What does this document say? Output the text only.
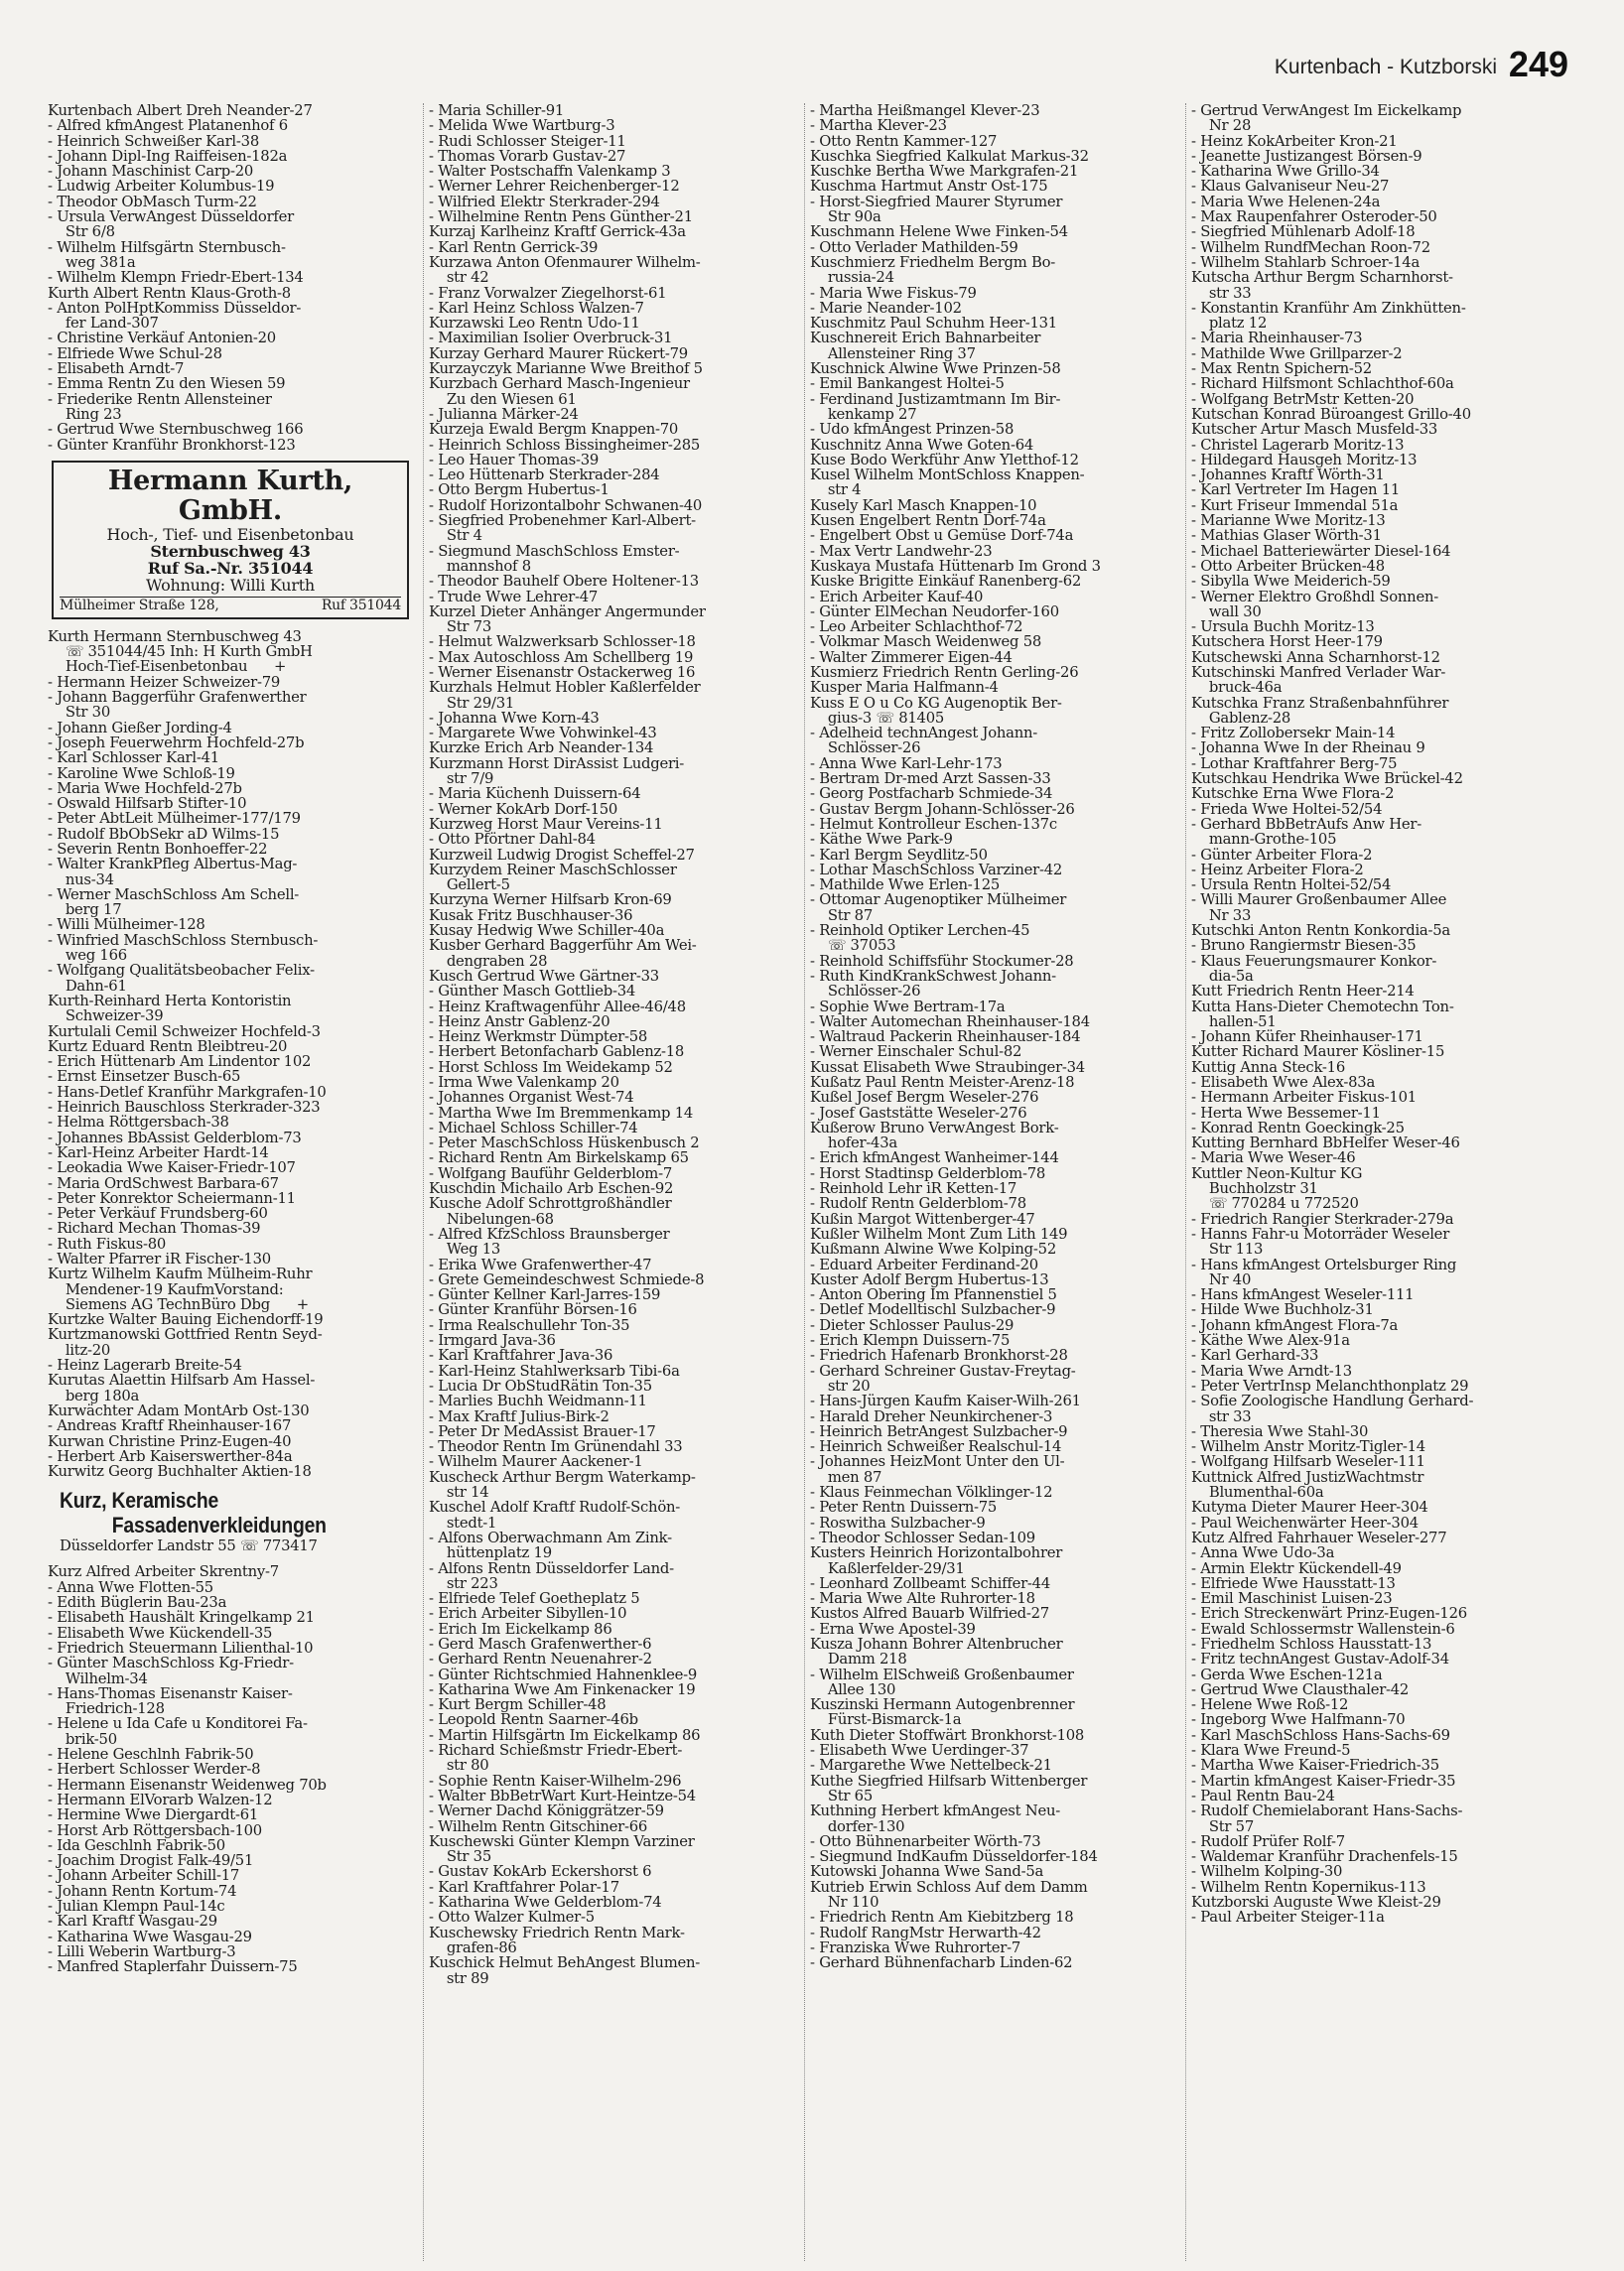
Kurtenbach - Kutzborski 249
Kurtenbach Albert Dreh Neander-27
- Alfred kfmAngest Platanenhof 6
- Heinrich Schweißer Karl-38
- Johann Dipl-Ing Raiffeisen-182a
- Johann Maschinist Carp-20
- Ludwig Arbeiter Kolumbus-19
- Theodor ObMasch Turm-22
- Ursula VerwAngest Düsseldorfer
Str 6/8
- Wilhelm Hilfsgärtn Sternbusch-
weg 381a
- Wilhelm Klempn Friedr-Ebert-134
Kurth Albert Rentn Klaus-Groth-8
- Anton PolHptKommiss Düsseldor-
fer Land-307
- Christine Verkäuf Antonien-20
- Elfriede Wwe Schul-28
- Elisabeth Arndt-7
- Emma Rentn Zu den Wiesen 59
- Friederike Rentn Allensteiner
Ring 23
- Gertrud Wwe Sternbuschweg 166
- Günter Kranführ Bronkhorst-123
Hermann Kurth, GmbH.
Hoch-, Tief- und Eisenbetonbau
Sternbuschweg 43
Ruf Sa.-Nr. 351044
Wohnung: Willi Kurth
Mülheimer Straße 128,	Ruf 351044
Kurth Hermann Sternbuschweg 43
☏ 351044/45 Inh: H Kurth GmbH
Hoch-Tief-Eisenbetonbau      +
- Hermann Heizer Schweizer-79
- Johann Baggerführ Grafenwerther
Str 30
- Johann Gießer Jording-4
- Joseph Feuerwehrm Hochfeld-27b
- Karl Schlosser Karl-41
- Karoline Wwe Schloß-19
- Maria Wwe Hochfeld-27b
- Oswald Hilfsarb Stifter-10
- Peter AbtLeit Mülheimer-177/179
- Rudolf BbObSekr aD Wilms-15
- Severin Rentn Bonhoeffer-22
- Walter KrankPfleg Albertus-Mag-
nus-34
- Werner MaschSchloss Am Schell-
berg 17
- Willi Mülheimer-128
- Winfried MaschSchloss Sternbusch-
weg 166
- Wolfgang Qualitätsbeobacher Felix-
Dahn-61
Kurth-Reinhard Herta Kontoristin
Schweizer-39
Kurtulali Cemil Schweizer Hochfeld-3
Kurtz Eduard Rentn Bleibtreu-20
- Erich Hüttenarb Am Lindentor 102
- Ernst Einsetzer Busch-65
- Hans-Detlef Kranführ Markgrafen-10
- Heinrich Bauschloss Sterkrader-323
- Helma Röttgersbach-38
- Johannes BbAssist Gelderblom-73
- Karl-Heinz Arbeiter Hardt-14
- Leokadia Wwe Kaiser-Friedr-107
- Maria OrdSchwest Barbara-67
- Peter Konrektor Scheiermann-11
- Peter Verkäuf Frundsberg-60
- Richard Mechan Thomas-39
- Ruth Fiskus-80
- Walter Pfarrer iR Fischer-130
Kurtz Wilhelm Kaufm Mülheim-Ruhr
Mendener-19 KaufmVorstand:
Siemens AG TechnBüro Dbg      +
Kurtzke Walter Bauing Eichendorff-19
Kurtzmanowski Gottfried Rentn Seyd-
litz-20
- Heinz Lagerarb Breite-54
Kurutas Alaettin Hilfsarb Am Hassel-
berg 180a
Kurwächter Adam MontArb Ost-130
- Andreas Kraftf Rheinhauser-167
Kurwan Christine Prinz-Eugen-40
- Herbert Arb Kaiserswerther-84a
Kurwitz Georg Buchhalter Aktien-18
Kurz, Keramische
Fassadenverkleidungen
Düsseldorfer Landstr 55 ☏ 773417
Kurz Alfred Arbeiter Skrentny-7
- Anna Wwe Flotten-55
- Edith Büglerin Bau-23a
- Elisabeth Haushält Kringelkamp 21
- Elisabeth Wwe Kückendell-35
- Friedrich Steuermann Lilienthal-10
- Günter MaschSchloss Kg-Friedr-
Wilhelm-34
- Hans-Thomas Eisenanstr Kaiser-
Friedrich-128
- Helene u Ida Cafe u Konditorei Fa-
brik-50
- Helene Geschlnh Fabrik-50
- Herbert Schlosser Werder-8
- Hermann Eisenanstr Weidenweg 70b
- Hermann ElVorarb Walzen-12
- Hermine Wwe Diergardt-61
- Horst Arb Röttgersbach-100
- Ida Geschlnh Fabrik-50
- Joachim Drogist Falk-49/51
- Johann Arbeiter Schill-17
- Johann Rentn Kortum-74
- Julian Klempn Paul-14c
- Karl Kraftf Wasgau-29
- Katharina Wwe Wasgau-29
- Lilli Weberin Wartburg-3
- Manfred Staplerfahr Duissern-75
- Maria Schiller-91
- Melida Wwe Wartburg-3
- Rudi Schlosser Steiger-11
- Thomas Vorarb Gustav-27
- Walter Postschaffn Valenkamp 3
- Werner Lehrer Reichenberger-12
- Wilfried Elektr Sterkrader-294
- Wilhelmine Rentn Pens Günther-21
Kurzaj Karlheinz Kraftf Gerrick-43a
- Karl Rentn Gerrick-39
Kurzawa Anton Ofenmaurer Wilhelm-
str 42
- Franz Vorwalzer Ziegelhorst-61
- Karl Heinz Schloss Walzen-7
Kurzawski Leo Rentn Udo-11
- Maximilian Isolier Overbruck-31
Kurzay Gerhard Maurer Rückert-79
Kurzayczyk Marianne Wwe Breithof 5
Kurzbach Gerhard Masch-Ingenieur
Zu den Wiesen 61
- Julianna Märker-24
Kurzeja Ewald Bergm Knappen-70
- Heinrich Schloss Bissingheimer-285
- Leo Hauer Thomas-39
- Leo Hüttenarb Sterkrader-284
- Otto Bergm Hubertus-1
- Rudolf Horizontalbohr Schwanen-40
- Siegfried Probenehmer Karl-Albert-
Str 4
- Siegmund MaschSchloss Emster-
mannshof 8
- Theodor Bauhelf Obere Holtener-13
- Trude Wwe Lehrer-47
Kurzel Dieter Anhänger Angermunder
Str 73
- Helmut Walzwerksarb Schlosser-18
- Max Autoschloss Am Schellberg 19
- Werner Eisenanstr Ostackerweg 16
Kurzhals Helmut Hobler Kaßlerfelder
Str 29/31
- Johanna Wwe Korn-43
- Margarete Wwe Vohwinkel-43
Kurzke Erich Arb Neander-134
Kurzmann Horst DirAssist Ludgeri-
str 7/9
- Maria Küchenh Duissern-64
- Werner KokArb Dorf-150
Kurzweg Horst Maur Vereins-11
- Otto Pförtner Dahl-84
Kurzweil Ludwig Drogist Scheffel-27
Kurzydem Reiner MaschSchlosser
Gellert-5
Kurzyna Werner Hilfsarb Kron-69
Kusak Fritz Buschhauser-36
Kusay Hedwig Wwe Schiller-40a
Kusber Gerhard Baggerführ Am Wei-
dengraben 28
Kusch Gertrud Wwe Gärtner-33
- Günther Masch Gottlieb-34
- Heinz Kraftwagenführ Allee-46/48
- Heinz Anstr Gablenz-20
- Heinz Werkmstr Dümpter-58
- Herbert Betonfacharb Gablenz-18
- Horst Schloss Im Weidekamp 52
- Irma Wwe Valenkamp 20
- Johannes Organist West-74
- Martha Wwe Im Bremmenkamp 14
- Michael Schloss Schiller-74
- Peter MaschSchloss Hüskenbusch 2
- Richard Rentn Am Birkelskamp 65
- Wolfgang Bauführ Gelderblom-7
Kuschdin Michailo Arb Eschen-92
Kusche Adolf Schrottgroßhändler
Nibelungen-68
- Alfred KfzSchloss Braunsberger
Weg 13
- Erika Wwe Grafenwerther-47
- Grete Gemeindeschwest Schmiede-8
- Günter Kellner Karl-Jarres-159
- Günter Kranführ Börsen-16
- Irma Realschullehr Ton-35
- Irmgard Java-36
- Karl Kraftfahrer Java-36
- Karl-Heinz Stahlwerksarb Tibi-6a
- Lucia Dr ObStudRätin Ton-35
- Marlies Buchh Weidmann-11
- Max Kraftf Julius-Birk-2
- Peter Dr MedAssist Brauer-17
- Theodor Rentn Im Grünendahl 33
- Wilhelm Maurer Aackener-1
Kuscheck Arthur Bergm Waterkamp-
str 14
Kuschel Adolf Kraftf Rudolf-Schön-
stedt-1
- Alfons Oberwachmann Am Zink-
hüttenplatz 19
- Alfons Rentn Düsseldorfer Land-
str 223
- Elfriede Telef Goetheplatz 5
- Erich Arbeiter Sibyllen-10
- Erich Im Eickelkamp 86
- Gerd Masch Grafenwerther-6
- Gerhard Rentn Neuenahrer-2
- Günter Richtschmied Hahnenklee-9
- Katharina Wwe Am Finkenacker 19
- Kurt Bergm Schiller-48
- Leopold Rentn Saarner-46b
- Martin Hilfsgärtn Im Eickelkamp 86
- Richard Schießmstr Friedr-Ebert-
str 80
- Sophie Rentn Kaiser-Wilhelm-296
- Walter BbBetrWart Kurt-Heintze-54
- Werner Dachd Königgrätzer-59
- Wilhelm Rentn Gitschiner-66
Kuschewski Günter Klempn Varziner
Str 35
- Gustav KokArb Eckershorst 6
- Karl Kraftfahrer Polar-17
- Katharina Wwe Gelderblom-74
- Otto Walzer Kulmer-5
Kuschewsky Friedrich Rentn Mark-
grafen-86
Kuschick Helmut BehAngest Blumen-
str 89
- Martha Heißmangel Klever-23
- Martha Klever-23
- Otto Rentn Kammer-127
Kuschka Siegfried Kalkulat Markus-32
Kuschke Bertha Wwe Markgrafen-21
Kuschma Hartmut Anstr Ost-175
- Horst-Siegfried Maurer Styrumer
Str 90a
Kuschmann Helene Wwe Finken-54
- Otto Verlader Mathilden-59
Kuschmierz Friedhelm Bergm Bo-
russia-24
- Maria Wwe Fiskus-79
- Marie Neander-102
Kuschmitz Paul Schuhm Heer-131
Kuschnereit Erich Bahnarbeiter
Allensteiner Ring 37
Kuschnick Alwine Wwe Prinzen-58
- Emil Bankangest Holtei-5
- Ferdinand Justizamtmann Im Bir-
kenkamp 27
- Udo kfmAngest Prinzen-58
Kuschnitz Anna Wwe Goten-64
Kuse Bodo Werkführ Anw Yletthof-12
Kusel Wilhelm MontSchloss Knappen-
str 4
Kusely Karl Masch Knappen-10
Kusen Engelbert Rentn Dorf-74a
- Engelbert Obst u Gemüse Dorf-74a
- Max Vertr Landwehr-23
Kuskaya Mustafa Hüttenarb Im Grond 3
Kuske Brigitte Einkäuf Ranenberg-62
- Erich Arbeiter Kauf-40
- Günter ElMechan Neudorfer-160
- Leo Arbeiter Schlachthof-72
- Volkmar Masch Weidenweg 58
- Walter Zimmerer Eigen-44
Kusmierz Friedrich Rentn Gerling-26
Kusper Maria Halfmann-4
Kuss E O u Co KG Augenoptik Ber-
gius-3 ☏ 81405
- Adelheid technAngest Johann-
Schlösser-26
- Anna Wwe Karl-Lehr-173
- Bertram Dr-med Arzt Sassen-33
- Georg Postfacharb Schmiede-34
- Gustav Bergm Johann-Schlösser-26
- Helmut Kontrolleur Eschen-137c
- Käthe Wwe Park-9
- Karl Bergm Seydlitz-50
- Lothar MaschSchloss Varziner-42
- Mathilde Wwe Erlen-125
- Ottomar Augenoptiker Mülheimer
Str 87
- Reinhold Optiker Lerchen-45
☏ 37053
- Reinhold Schiffsführ Stockumer-28
- Ruth KindKrankSchwest Johann-
Schlösser-26
- Sophie Wwe Bertram-17a
- Walter Automechan Rheinhauser-184
- Waltraud Packerin Rheinhauser-184
- Werner Einschaler Schul-82
Kussat Elisabeth Wwe Straubinger-34
Kußatz Paul Rentn Meister-Arenz-18
Kußel Josef Bergm Weseler-276
- Josef Gaststätte Weseler-276
Kußerow Bruno VerwAngest Bork-
hofer-43a
- Erich kfmAngest Wanheimer-144
- Horst Stadtinsp Gelderblom-78
- Reinhold Lehr iR Ketten-17
- Rudolf Rentn Gelderblom-78
Kußin Margot Wittenberger-47
Kußler Wilhelm Mont Zum Lith 149
Kußmann Alwine Wwe Kolping-52
- Eduard Arbeiter Ferdinand-20
Kuster Adolf Bergm Hubertus-13
- Anton Obering Im Pfannenstiel 5
- Detlef Modelltischl Sulzbacher-9
- Dieter Schlosser Paulus-29
- Erich Klempn Duissern-75
- Friedrich Hafenarb Bronkhorst-28
- Gerhard Schreiner Gustav-Freytag-
str 20
- Hans-Jürgen Kaufm Kaiser-Wilh-261
- Harald Dreher Neunkirchener-3
- Heinrich BetrAngest Sulzbacher-9
- Heinrich Schweißer Realschul-14
- Johannes HeizMont Unter den Ul-
men 87
- Klaus Feinmechan Völklinger-12
- Peter Rentn Duissern-75
- Roswitha Sulzbacher-9
- Theodor Schlosser Sedan-109
Kusters Heinrich Horizontalbohrer
Kaßlerfelder-29/31
- Leonhard Zollbeamt Schiffer-44
- Maria Wwe Alte Ruhrorter-18
Kustos Alfred Bauarb Wilfried-27
- Erna Wwe Apostel-39
Kusza Johann Bohrer Altenbrucher
Damm 218
- Wilhelm ElSchweiß Großenbaumer
Allee 130
Kuszinski Hermann Autogenbrenner
Fürst-Bismarck-1a
Kuth Dieter Stoffwärt Bronkhorst-108
- Elisabeth Wwe Uerdinger-37
- Margarethe Wwe Nettelbeck-21
Kuthe Siegfried Hilfsarb Wittenberger
Str 65
Kuthning Herbert kfmAngest Neu-
dorfer-130
- Otto Bühnenarbeiter Wörth-73
- Siegmund IndKaufm Düsseldorfer-184
Kutowski Johanna Wwe Sand-5a
Kutrieb Erwin Schloss Auf dem Damm
Nr 110
- Friedrich Rentn Am Kiebitzberg 18
- Rudolf RangMstr Herwarth-42
- Franziska Wwe Ruhrorter-7
- Gerhard Bühnenfacharb Linden-62
- Gertrud VerwAngest Im Eickelkamp
Nr 28
- Heinz KokArbeiter Kron-21
- Jeanette Justizangest Börsen-9
- Katharina Wwe Grillo-34
- Klaus Galvaniseur Neu-27
- Maria Wwe Helenen-24a
- Max Raupenfahrer Osteroder-50
- Siegfried Mühlenarb Adolf-18
- Wilhelm RundfMechan Roon-72
- Wilhelm Stahlarb Schroer-14a
Kutscha Arthur Bergm Scharnhorst-
str 33
- Konstantin Kranführ Am Zinkhütten-
platz 12
- Maria Rheinhauser-73
- Mathilde Wwe Grillparzer-2
- Max Rentn Spichern-52
- Richard Hilfsmont Schlachthof-60a
- Wolfgang BetrMstr Ketten-20
Kutschan Konrad Büroangest Grillo-40
Kutscher Artur Masch Musfeld-33
- Christel Lagerarb Moritz-13
- Hildegard Hausgeh Moritz-13
- Johannes Kraftf Wörth-31
- Karl Vertreter Im Hagen 11
- Kurt Friseur Immendal 51a
- Marianne Wwe Moritz-13
- Mathias Glaser Wörth-31
- Michael Batteriewärter Diesel-164
- Otto Arbeiter Brücken-48
- Sibylla Wwe Meiderich-59
- Werner Elektro Großhdl Sonnen-
wall 30
- Ursula Buchh Moritz-13
Kutschera Horst Heer-179
Kutschewski Anna Scharnhorst-12
Kutschinski Manfred Verlader War-
bruck-46a
Kutschka Franz Straßenbahnführer
Gablenz-28
- Fritz Zollobersekr Main-14
- Johanna Wwe In der Rheinau 9
- Lothar Kraftfahrer Berg-75
Kutschkau Hendrika Wwe Brückel-42
Kutschke Erna Wwe Flora-2
- Frieda Wwe Holtei-52/54
- Gerhard BbBetrAufs Anw Her-
mann-Grothe-105
- Günter Arbeiter Flora-2
- Heinz Arbeiter Flora-2
- Ursula Rentn Holtei-52/54
- Willi Maurer Großenbaumer Allee
Nr 33
Kutschki Anton Rentn Konkordia-5a
- Bruno Rangiermstr Biesen-35
- Klaus Feuerungsmaurer Konkor-
dia-5a
Kutt Friedrich Rentn Heer-214
Kutta Hans-Dieter Chemotechn Ton-
hallen-51
- Johann Küfer Rheinhauser-171
Kutter Richard Maurer Kösliner-15
Kuttig Anna Steck-16
- Elisabeth Wwe Alex-83a
- Hermann Arbeiter Fiskus-101
- Herta Wwe Bessemer-11
- Konrad Rentn Goeckingk-25
Kutting Bernhard BbHelfer Weser-46
- Maria Wwe Weser-46
Kuttler Neon-Kultur KG
Buchholzstr 31
☏ 770284 u 772520
- Friedrich Rangier Sterkrader-279a
- Hanns Fahr-u Motorräder Weseler
Str 113
- Hans kfmAngest Ortelsburger Ring
Nr 40
- Hans kfmAngest Weseler-111
- Hilde Wwe Buchholz-31
- Johann kfmAngest Flora-7a
- Käthe Wwe Alex-91a
- Karl Gerhard-33
- Maria Wwe Arndt-13
- Peter VertrInsp Melanchthonplatz 29
- Sofie Zoologische Handlung Gerhard-
str 33
- Theresia Wwe Stahl-30
- Wilhelm Anstr Moritz-Tigler-14
- Wolfgang Hilfsarb Weseler-111
Kuttnick Alfred JustizWachtmstr
Blumenthal-60a
Kutyma Dieter Maurer Heer-304
- Paul Weichenwärter Heer-304
Kutz Alfred Fahrhauer Weseler-277
- Anna Wwe Udo-3a
- Armin Elektr Kückendell-49
- Elfriede Wwe Hausstatt-13
- Emil Maschinist Luisen-23
- Erich Streckenwärt Prinz-Eugen-126
- Ewald Schlossermstr Wallenstein-6
- Friedhelm Schloss Hausstatt-13
- Fritz technAngest Gustav-Adolf-34
- Gerda Wwe Eschen-121a
- Gertrud Wwe Clausthaler-42
- Helene Wwe Roß-12
- Ingeborg Wwe Halfmann-70
- Karl MaschSchloss Hans-Sachs-69
- Klara Wwe Freund-5
- Martha Wwe Kaiser-Friedrich-35
- Martin kfmAngest Kaiser-Friedr-35
- Paul Rentn Bau-24
- Rudolf Chemielaborant Hans-Sachs-
Str 57
- Rudolf Prüfer Rolf-7
- Waldemar Kranführ Drachenfels-15
- Wilhelm Kolping-30
- Wilhelm Rentn Kopernikus-113
Kutzborski Auguste Wwe Kleist-29
- Paul Arbeiter Steiger-11a
